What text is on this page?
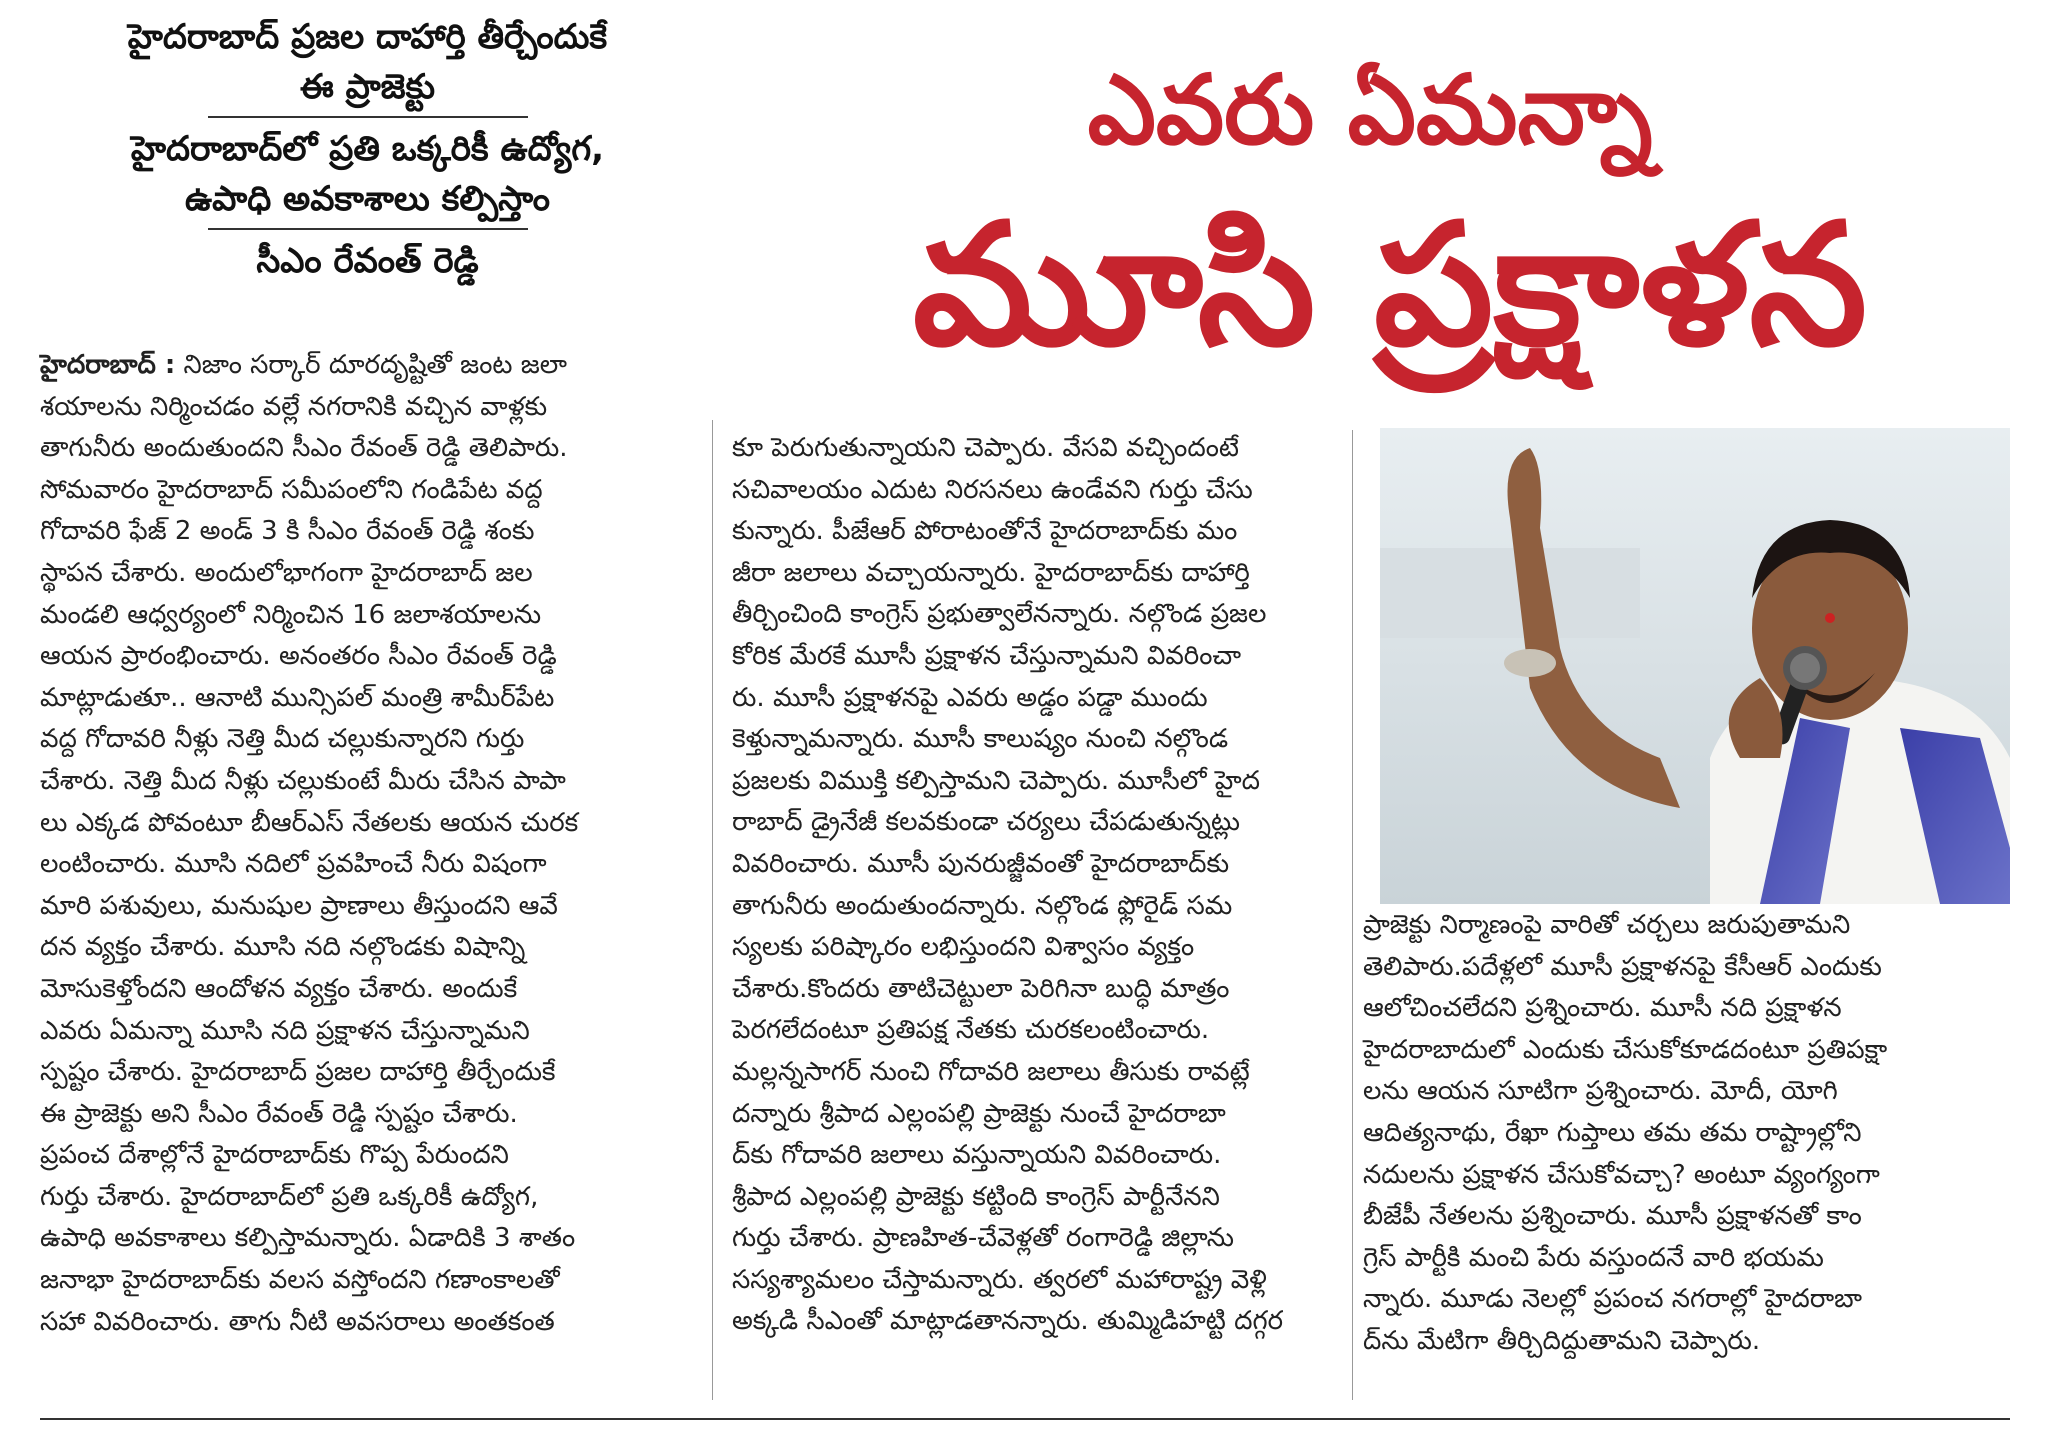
హైదరాబాద్ ప్రజల దాహార్తి తీర్చేందుకే
ఈ ప్రాజెక్టు
హైదరాబాద్‌లో ప్రతి ఒక్కరికీ ఉద్యోగ,
ఉపాధి అవకాశాలు కల్పిస్తాం
సీఎం రేవంత్ రెడ్డి
ఎవరు ఏమన్నా
మూసి ప్రక్షాళన

హైదరాబాద్ : నిజాం సర్కార్ దూరదృష్టితో జంట జలా

శయాలను నిర్మించడం వల్లే నగరానికి వచ్చిన వాళ్లకు

తాగునీరు అందుతుందని సీఎం రేవంత్ రెడ్డి తెలిపారు.

సోమవారం హైదరాబాద్ సమీపంలోని గండిపేట వద్ద

గోదావరి ఫేజ్ 2 అండ్ 3 కి సీఎం రేవంత్ రెడ్డి శంకు

స్థాపన చేశారు. అందులోభాగంగా హైదరాబాద్ జల

మండలి ఆధ్వర్యంలో నిర్మించిన 16 జలాశయాలను

ఆయన ప్రారంభించారు. అనంతరం సీఎం రేవంత్ రెడ్డి

మాట్లాడుతూ.. ఆనాటి మున్సిపల్ మంత్రి శామీర్‌పేట

వద్ద గోదావరి నీళ్లు నెత్తి మీద చల్లుకున్నారని గుర్తు

చేశారు. నెత్తి మీద నీళ్లు చల్లుకుంటే మీరు చేసిన పాపా

లు ఎక్కడ పోవంటూ బీఆర్ఎస్ నేతలకు ఆయన చురక

లంటించారు. మూసి నదిలో ప్రవహించే నీరు విషంగా

మారి పశువులు, మనుషుల ప్రాణాలు తీస్తుందని ఆవే

దన వ్యక్తం చేశారు. మూసి నది నల్గొండకు విషాన్ని

మోసుకెళ్తోందని ఆందోళన వ్యక్తం చేశారు. అందుకే

ఎవరు ఏమన్నా మూసి నది ప్రక్షాళన చేస్తున్నామని

స్పష్టం చేశారు. హైదరాబాద్ ప్రజల దాహార్తి తీర్చేందుకే

ఈ ప్రాజెక్టు అని సీఎం రేవంత్ రెడ్డి స్పష్టం చేశారు.

ప్రపంచ దేశాల్లోనే హైదరాబాద్‌కు గొప్ప పేరుందని

గుర్తు చేశారు. హైదరాబాద్‌లో ప్రతి ఒక్కరికీ ఉద్యోగ,

ఉపాధి అవకాశాలు కల్పిస్తామన్నారు. ఏడాదికి 3 శాతం

జనాభా హైదరాబాద్‌కు వలస వస్తోందని గణాంకాలతో

సహా వివరించారు. తాగు నీటి అవసరాలు అంతకంత

కూ పెరుగుతున్నాయని చెప్పారు. వేసవి వచ్చిందంటే

సచివాలయం ఎదుట నిరసనలు ఉండేవని గుర్తు చేసు

కున్నారు. పీజేఆర్ పోరాటంతోనే హైదరాబాద్‌కు మం

జీరా జలాలు వచ్చాయన్నారు. హైదరాబాద్‌కు దాహార్తి

తీర్చించింది కాంగ్రెస్ ప్రభుత్వాలేనన్నారు. నల్గొండ ప్రజల

కోరిక మేరకే మూసీ ప్రక్షాళన చేస్తున్నామని వివరించా

రు. మూసీ ప్రక్షాళనపై ఎవరు అడ్డం పడ్డా ముందు

కెళ్తున్నామన్నారు. మూసీ కాలుష్యం నుంచి నల్గొండ

ప్రజలకు విముక్తి కల్పిస్తామని చెప్పారు. మూసీలో హైద

రాబాద్ డ్రైనేజీ కలవకుండా చర్యలు చేపడుతున్నట్లు

వివరించారు. మూసీ పునరుజ్జీవంతో హైదరాబాద్‌కు

తాగునీరు అందుతుందన్నారు. నల్గొండ ఫ్లోరైడ్ సమ

స్యలకు పరిష్కారం లభిస్తుందని విశ్వాసం వ్యక్తం

చేశారు.కొందరు తాటిచెట్టులా పెరిగినా బుద్ధి మాత్రం

పెరగలేదంటూ ప్రతిపక్ష నేతకు చురకలంటించారు.

మల్లన్నసాగర్ నుంచి గోదావరి జలాలు తీసుకు రావట్లే

దన్నారు శ్రీపాద ఎల్లంపల్లి ప్రాజెక్టు నుంచే హైదరాబా

ద్‌కు గోదావరి జలాలు వస్తున్నాయని వివరించారు.

శ్రీపాద ఎల్లంపల్లి ప్రాజెక్టు కట్టింది కాంగ్రెస్ పార్టీనేనని

గుర్తు చేశారు. ప్రాణహిత-చేవెళ్లతో రంగారెడ్డి జిల్లాను

సస్యశ్యామలం చేస్తామన్నారు. త్వరలో మహారాష్ట్ర వెళ్లి

అక్కడి సీఎంతో మాట్లాడతానన్నారు. తుమ్మిడిహట్టి దగ్గర

ప్రాజెక్టు నిర్మాణంపై వారితో చర్చలు జరుపుతామని

తెలిపారు.పదేళ్లలో మూసీ ప్రక్షాళనపై కేసీఆర్ ఎందుకు

ఆలోచించలేదని ప్రశ్నించారు. మూసీ నది ప్రక్షాళన

హైదరాబాదులో ఎందుకు చేసుకోకూడదంటూ ప్రతిపక్షా

లను ఆయన సూటిగా ప్రశ్నించారు. మోదీ, యోగి

ఆదిత్యనాథు, రేఖా గుప్తాలు తమ తమ రాష్ట్రాల్లోని

నదులను ప్రక్షాళన చేసుకోవచ్చా? అంటూ వ్యంగ్యంగా

బీజేపీ నేతలను ప్రశ్నించారు. మూసీ ప్రక్షాళనతో కాం

గ్రెస్ పార్టీకి మంచి పేరు వస్తుందనే వారి భయమ

న్నారు. మూడు నెలల్లో ప్రపంచ నగరాల్లో హైదరాబా

ద్‌ను మేటిగా తీర్చిదిద్దుతామని చెప్పారు.
